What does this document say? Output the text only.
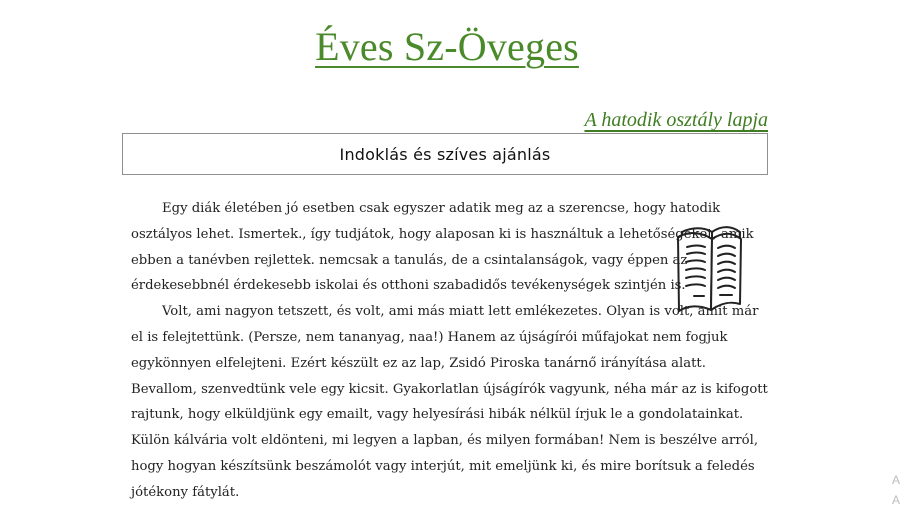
Éves Sz-Öveges
A hatodik osztály lapja
Indoklás és szíves ajánlás

Egy diák életében jó esetben csak egyszer adatik meg az a szerencse, hogy hatodik osztályos lehet. Ismertek., így tudjátok, hogy alaposan ki is használtuk a lehetőségeket, amik ebben a tanévben rejlettek. nemcsak a tanulás, de a csintalanságok, vagy éppen az érdekesebbnél érdekesebb iskolai és otthoni szabadidős tevékenységek szintjén is.

Volt, ami nagyon tetszett, és volt, ami más miatt lett emlékezetes. Olyan is volt, amit már el is felejtettünk. (Persze, nem tananyag, naa!) Hanem az újságírói műfajokat nem fogjuk egykönnyen elfelejteni. Ezért készült ez az lap, Zsidó Piroska tanárnő irányítása alatt. Bevallom, szenvedtünk vele egy kicsit. Gyakorlatlan újságírók vagyunk, néha már az is kifogott rajtunk, hogy elküldjünk egy emailt, vagy helyesírási hibák nélkül írjuk le a gondolatainkat. Külön kálvária volt eldönteni, mi legyen a lapban, és milyen formában! Nem is beszélve arról, hogy hogyan készítsünk beszámolót vagy interjút, mit emeljünk ki, és mire borítsuk a feledés jótékony fátylát.

A
A
